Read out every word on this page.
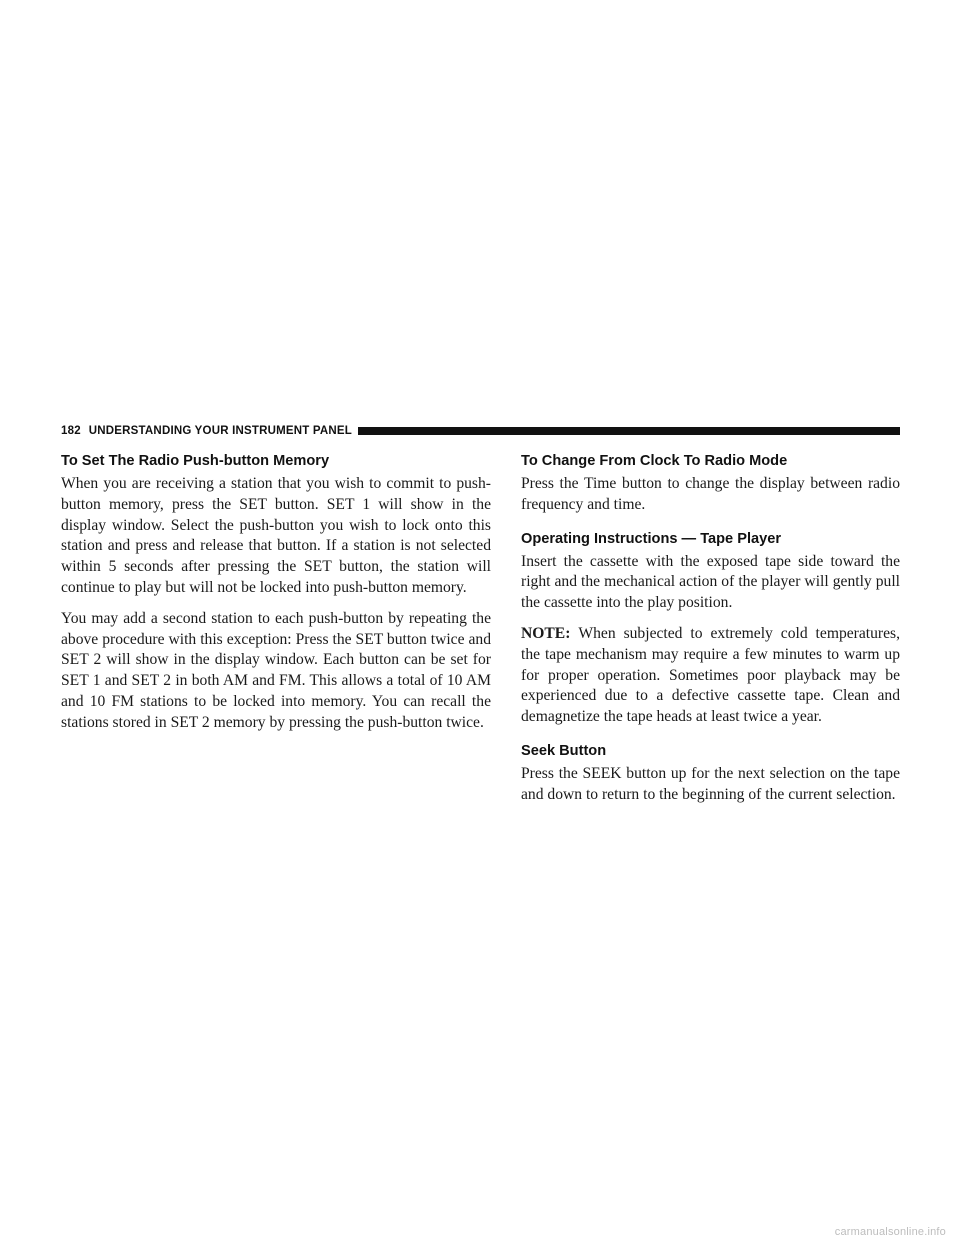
182 UNDERSTANDING YOUR INSTRUMENT PANEL
To Set The Radio Push-button Memory

When you are receiving a station that you wish to commit to push-button memory, press the SET button. SET 1 will show in the display window. Select the push-button you wish to lock onto this station and press and release that button. If a station is not selected within 5 seconds after pressing the SET button, the station will continue to play but will not be locked into push-button memory.

You may add a second station to each push-button by repeating the above procedure with this exception: Press the SET button twice and SET 2 will show in the display window. Each button can be set for SET 1 and SET 2 in both AM and FM. This allows a total of 10 AM and 10 FM stations to be locked into memory. You can recall the stations stored in SET 2 memory by pressing the push-button twice.

To Change From Clock To Radio Mode

Press the Time button to change the display between radio frequency and time.

Operating Instructions — Tape Player

Insert the cassette with the exposed tape side toward the right and the mechanical action of the player will gently pull the cassette into the play position.

NOTE: When subjected to extremely cold temperatures, the tape mechanism may require a few minutes to warm up for proper operation. Sometimes poor playback may be experienced due to a defective cassette tape. Clean and demagnetize the tape heads at least twice a year.

Seek Button

Press the SEEK button up for the next selection on the tape and down to return to the beginning of the current selection.

carmanualsonline.info
